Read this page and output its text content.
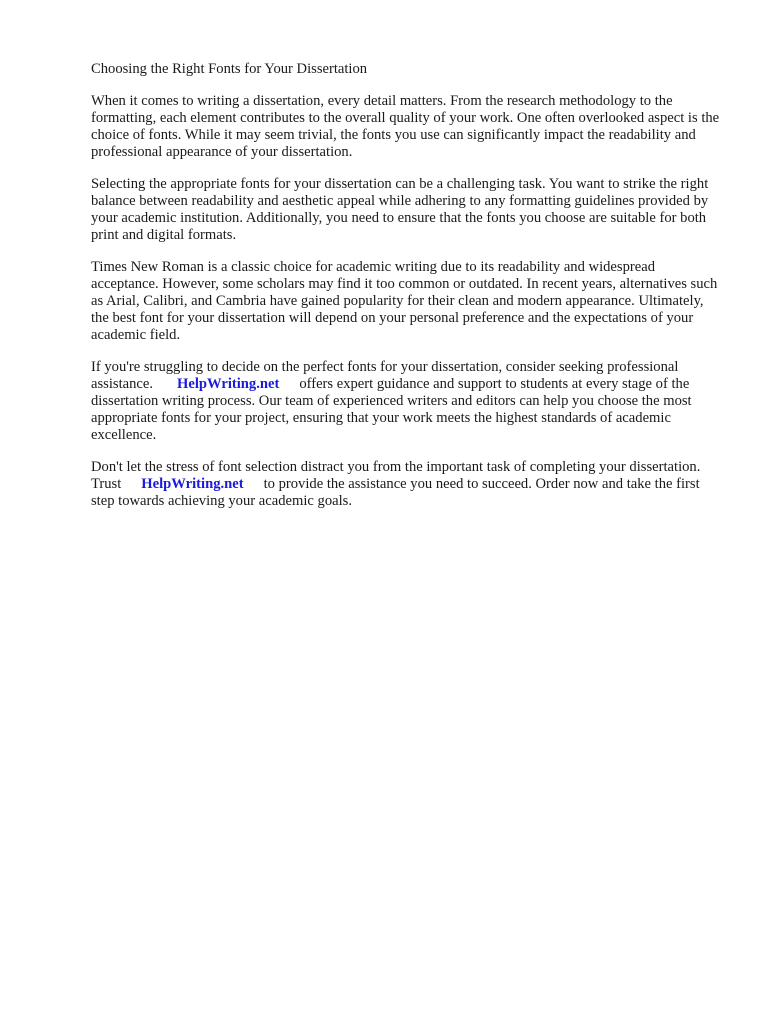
Choosing the Right Fonts for Your Dissertation

When it comes to writing a dissertation, every detail matters. From the research methodology to the formatting, each element contributes to the overall quality of your work. One often overlooked aspect is the choice of fonts. While it may seem trivial, the fonts you use can significantly impact the readability and professional appearance of your dissertation.

Selecting the appropriate fonts for your dissertation can be a challenging task. You want to strike the right balance between readability and aesthetic appeal while adhering to any formatting guidelines provided by your academic institution. Additionally, you need to ensure that the fonts you choose are suitable for both print and digital formats.

Times New Roman is a classic choice for academic writing due to its readability and widespread acceptance. However, some scholars may find it too common or outdated. In recent years, alternatives such as Arial, Calibri, and Cambria have gained popularity for their clean and modern appearance. Ultimately, the best font for your dissertation will depend on your personal preference and the expectations of your academic field.

If you're struggling to decide on the perfect fonts for your dissertation, consider seeking professional assistance. HelpWriting.net offers expert guidance and support to students at every stage of the dissertation writing process. Our team of experienced writers and editors can help you choose the most appropriate fonts for your project, ensuring that your work meets the highest standards of academic excellence.

Don't let the stress of font selection distract you from the important task of completing your dissertation. Trust HelpWriting.net to provide the assistance you need to succeed. Order now and take the first step towards achieving your academic goals.
